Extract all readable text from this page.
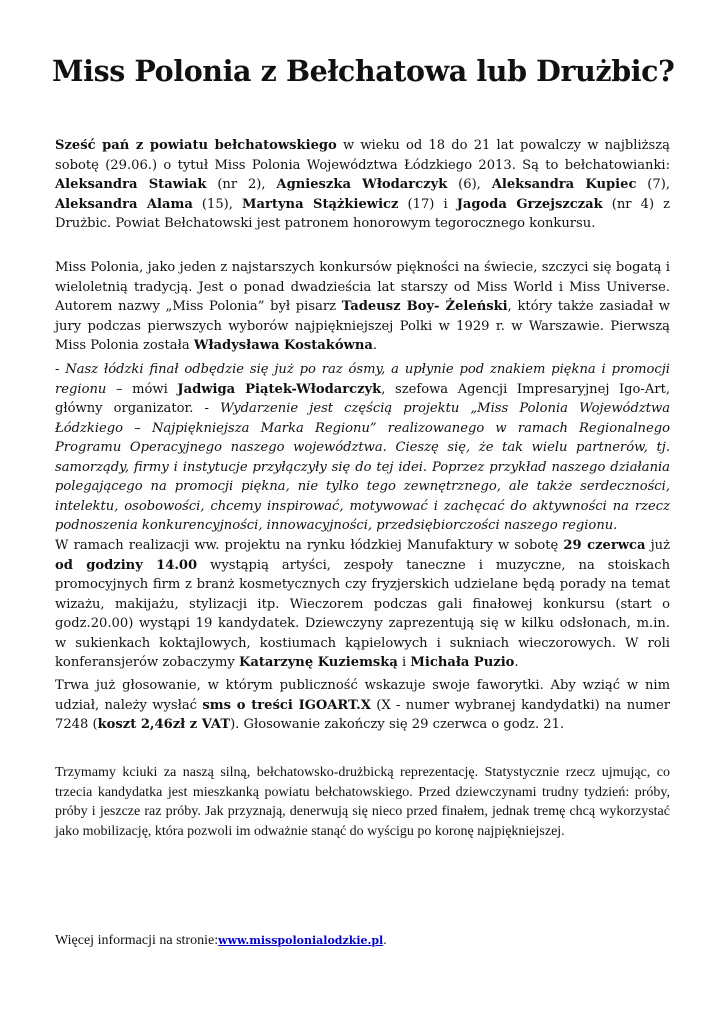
Miss Polonia z Bełchatowa lub Drużbic?

Sześć pań z powiatu bełchatowskiego w wieku od 18 do 21 lat powalczy w najbliższą sobotę (29.06.) o tytuł Miss Polonia Województwa Łódzkiego 2013. Są to bełchatowianki: Aleksandra Stawiak (nr 2), Agnieszka Włodarczyk (6), Aleksandra Kupiec (7), Aleksandra Alama (15), Martyna Stążkiewicz (17) i Jagoda Grzejszczak (nr 4) z Drużbic. Powiat Bełchatowski jest patronem honorowym tegorocznego konkursu.

Miss Polonia, jako jeden z najstarszych konkursów piękności na świecie, szczyci się bogatą i wieloletnią tradycją. Jest o ponad dwadzieścia lat starszy od Miss World i Miss Universe. Autorem nazwy „Miss Polonia” był pisarz Tadeusz Boy- Żeleński, który także zasiadał w jury podczas pierwszych wyborów najpiękniejszej Polki w 1929 r. w Warszawie. Pierwszą Miss Polonia została Władysława Kostakówna.

- Nasz łódzki finał odbędzie się już po raz ósmy, a upłynie pod znakiem piękna i promocji regionu – mówi Jadwiga Piątek-Włodarczyk, szefowa Agencji Impresaryjnej Igo-Art, główny organizator. - Wydarzenie jest częścią projektu „Miss Polonia Województwa Łódzkiego – Najpiękniejsza Marka Regionu” realizowanego w ramach Regionalnego Programu Operacyjnego naszego województwa. Cieszę się, że tak wielu partnerów, tj. samorządy, firmy i instytucje przyłączyły się do tej idei. Poprzez przykład naszego działania polegającego na promocji piękna, nie tylko tego zewnętrznego, ale także serdeczności, intelektu, osobowości, chcemy inspirować, motywować i zachęcać do aktywności na rzecz podnoszenia konkurencyjności, innowacyjności, przedsiębiorczości naszego regionu.

W ramach realizacji ww. projektu na rynku łódzkiej Manufaktury w sobotę 29 czerwca już od godziny 14.00 wystąpią artyści, zespoły taneczne i muzyczne, na stoiskach promocyjnych firm z branż kosmetycznych czy fryzjerskich udzielane będą porady na temat wizażu, makijażu, stylizacji itp. Wieczorem podczas gali finałowej konkursu (start o godz.20.00) wystąpi 19 kandydatek. Dziewczyny zaprezentują się w kilku odsłonach, m.in. w sukienkach koktajlowych, kostiumach kąpielowych i sukniach wieczorowych. W roli konferansjerów zobaczymy Katarzynę Kuziemską i Michała Puzio.

Trwa już głosowanie, w którym publiczność wskazuje swoje faworytki. Aby wziąć w nim udział, należy wysłać sms o treści IGOART.X (X - numer wybranej kandydatki) na numer 7248 (koszt 2,46zł z VAT). Głosowanie zakończy się 29 czerwca o godz. 21.

Trzymamy kciuki za naszą silną, bełchatowsko-drużbicką reprezentację. Statystycznie rzecz ujmując, co trzecia kandydatka jest mieszkanką powiatu bełchatowskiego. Przed dziewczynami trudny tydzień: próby, próby i jeszcze raz próby. Jak przyznają, denerwują się nieco przed finałem, jednak tremę chcą wykorzystać jako mobilizację, która pozwoli im odważnie stanąć do wyścigu po koronę najpiękniejszej.

Więcej informacji na stronie:www.misspolonialodzkie.pl.
